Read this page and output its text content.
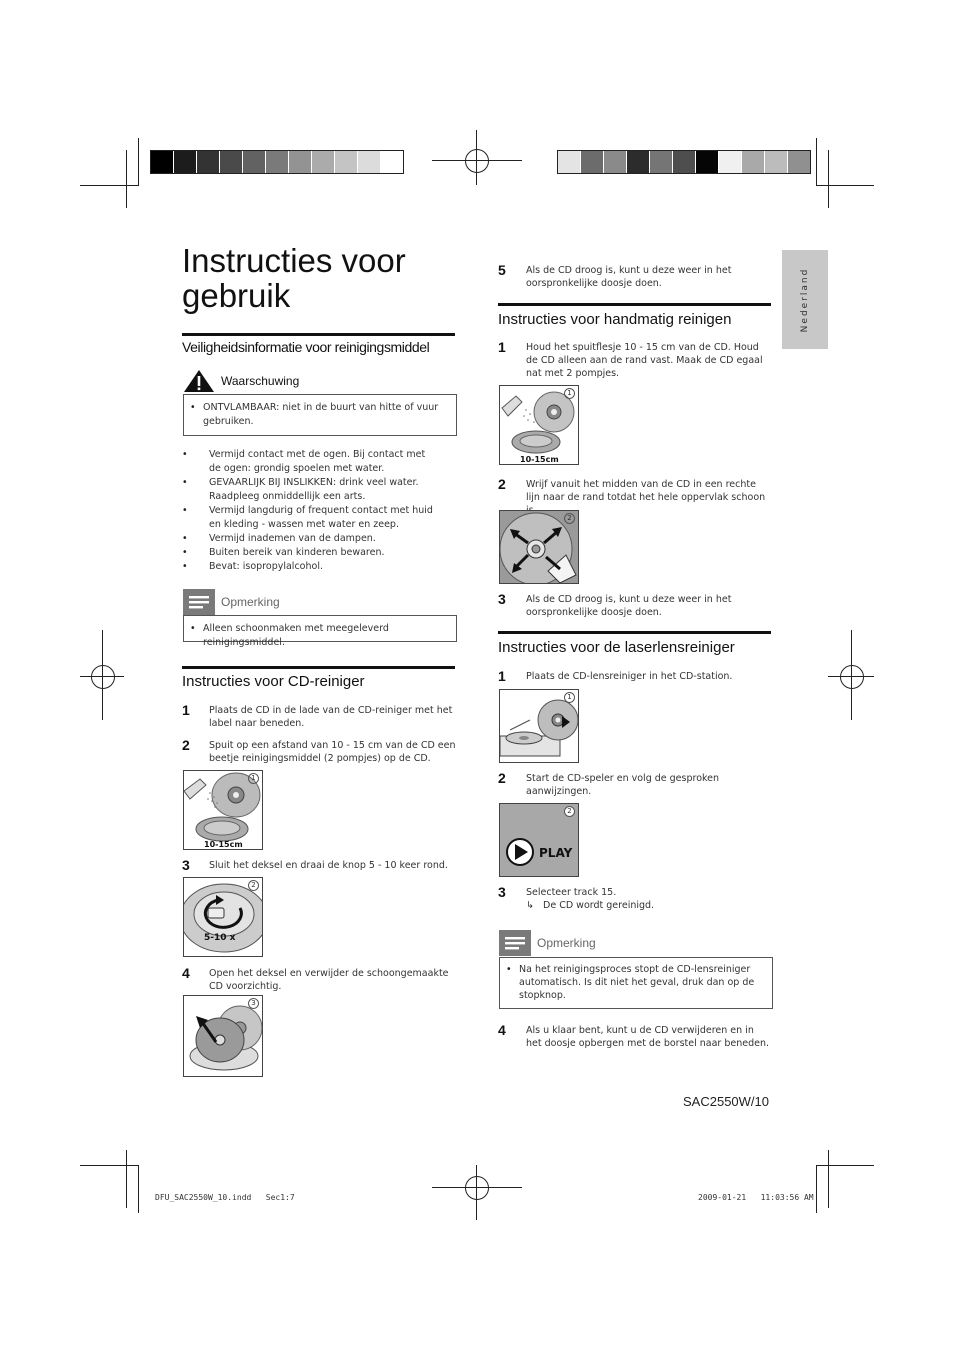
Nederland
Instructies voor gebruik
Veiligheidsinformatie voor reinigingsmiddel
Waarschuwing
• ONTVLAMBAAR: niet in de buurt van hitte of vuur gebruiken.
• Vermijd contact met de ogen. Bij contact met de ogen: grondig spoelen met water.
• GEVAARLIJK BIJ INSLIKKEN: drink veel water. Raadpleeg onmiddellijk een arts.
• Vermijd langdurig of frequent contact met huid en kleding - wassen met water en zeep.
• Vermijd inademen van de dampen.
• Buiten bereik van kinderen bewaren.
• Bevat: isopropylalcohol.
Opmerking
• Alleen schoonmaken met meegeleverd reinigingsmiddel.
Instructies voor CD-reiniger
1 Plaats de CD in de lade van de CD-reiniger met het label naar beneden.
2 Spuit op een afstand van 10 - 15 cm van de CD een beetje reinigingsmiddel (2 pompjes) op de CD.
1
10-15cm
3 Sluit het deksel en draai de knop 5 - 10 keer rond.
2
5-10 x
4 Open het deksel en verwijder de schoongemaakte CD voorzichtig.
3
5 Als de CD droog is, kunt u deze weer in het oorspronkelijke doosje doen.
Instructies voor handmatig reinigen
1 Houd het spuitflesje 10 - 15 cm van de CD. Houd de CD alleen aan de rand vast. Maak de CD egaal nat met 2 pompjes.
1
10-15cm
2 Wrijf vanuit het midden van de CD in een rechte lijn naar de rand totdat het hele oppervlak schoon
2
3 Als de CD droog is, kunt u deze weer in het oorspronkelijke doosje doen.
Instructies voor de laserlensreiniger
1 Plaats de CD-lensreiniger in het CD-station.
1
2 Start de CD-speler en volg de gesproken aanwijzingen.
2
PLAY
3 Selecteer track 15.
↳ De CD wordt gereinigd.
Opmerking
• Na het reinigingsproces stopt de CD-lensreiniger automatisch. Is dit niet het geval, druk dan op de stopknop.
4 Als u klaar bent, kunt u de CD verwijderen en in het doosje opbergen met de borstel naar beneden.
SAC2550W/10
DFU_SAC2550W_10.indd   Sec1:7	2009-01-21   11:03:56 AM
